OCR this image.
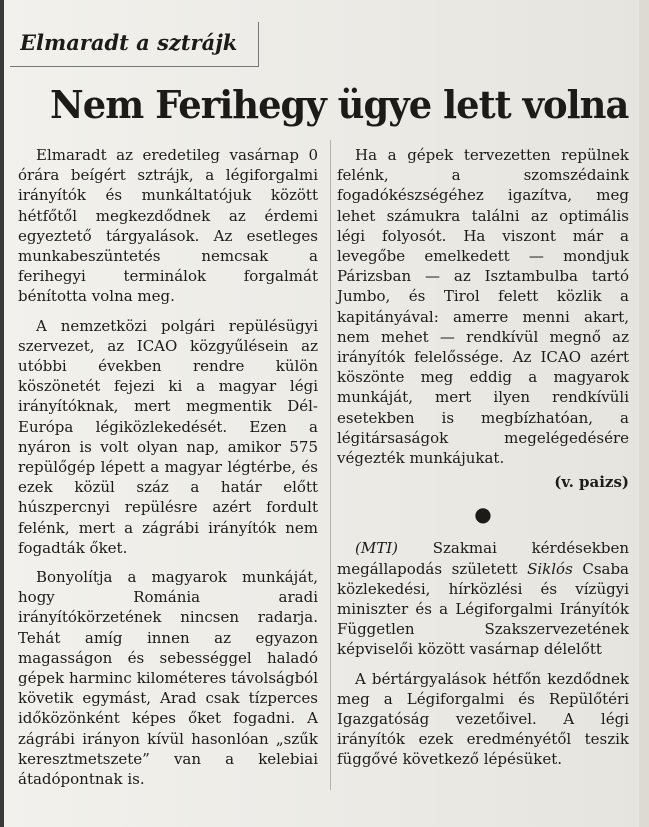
Elmaradt a sztrájk
Nem Ferihegy ügye lett volna

Elmaradt az eredetileg vasárnap 0 órára beígért sztrájk, a légiforgalmi irányítók és munkáltatójuk között hétfőtől megkezdődnek az érdemi egyeztető tárgyalások. Az esetleges munkabeszüntetés nemcsak a ferihegyi terminálok forgalmát bénította volna meg.

A nemzetközi polgári repülésügyi szervezet, az ICAO közgyűlésein az utóbbi években rendre külön köszönetét fejezi ki a magyar légi irányítóknak, mert megmentik Dél-Európa légiközlekedését. Ezen a nyáron is volt olyan nap, amikor 575 repülőgép lépett a magyar légtérbe, és ezek közül száz a határ előtt húszpercnyi repülésre azért fordult felénk, mert a zágrábi irányítók nem fogadták őket.

Bonyolítja a magyarok munkáját, hogy Románia aradi irányítókörzetének nincsen radarja. Tehát amíg innen az egyazon magasságon és sebességgel haladó gépek harminc kilométeres távolságból követik egymást, Arad csak tízperces időközönként képes őket fogadni. A zágrábi irányon kívül hasonlóan „szűk keresztmetszete” van a kelebiai átadópontnak is.

Ha a gépek tervezetten repülnek felénk, a szomszédaink fogadókészségéhez igazítva, meg lehet számukra találni az optimális légi folyosót. Ha viszont már a levegőbe emelkedett — mondjuk Párizsban — az Isztambulba tartó Jumbo, és Tirol felett közlik a kapitányával: amerre menni akart, nem mehet — rendkívül megnő az irányítók felelőssége. Az ICAO azért köszönte meg eddig a magyarok munkáját, mert ilyen rendkívüli esetekben is megbízhatóan, a légitársaságok megelégedésére végezték munkájukat.

(v. paizs)

●

(MTI) Szakmai kérdésekben megállapodás született Siklós Csaba közlekedési, hírközlési és vízügyi miniszter és a Légiforgalmi Irányítók Független Szakszervezetének képviselői között vasárnap délelőtt

A bértárgyalások hétfőn kezdődnek meg a Légiforgalmi és Repülőtéri Igazgatóság vezetőivel. A légi irányítók ezek eredményétől teszik függővé következő lépésüket.
